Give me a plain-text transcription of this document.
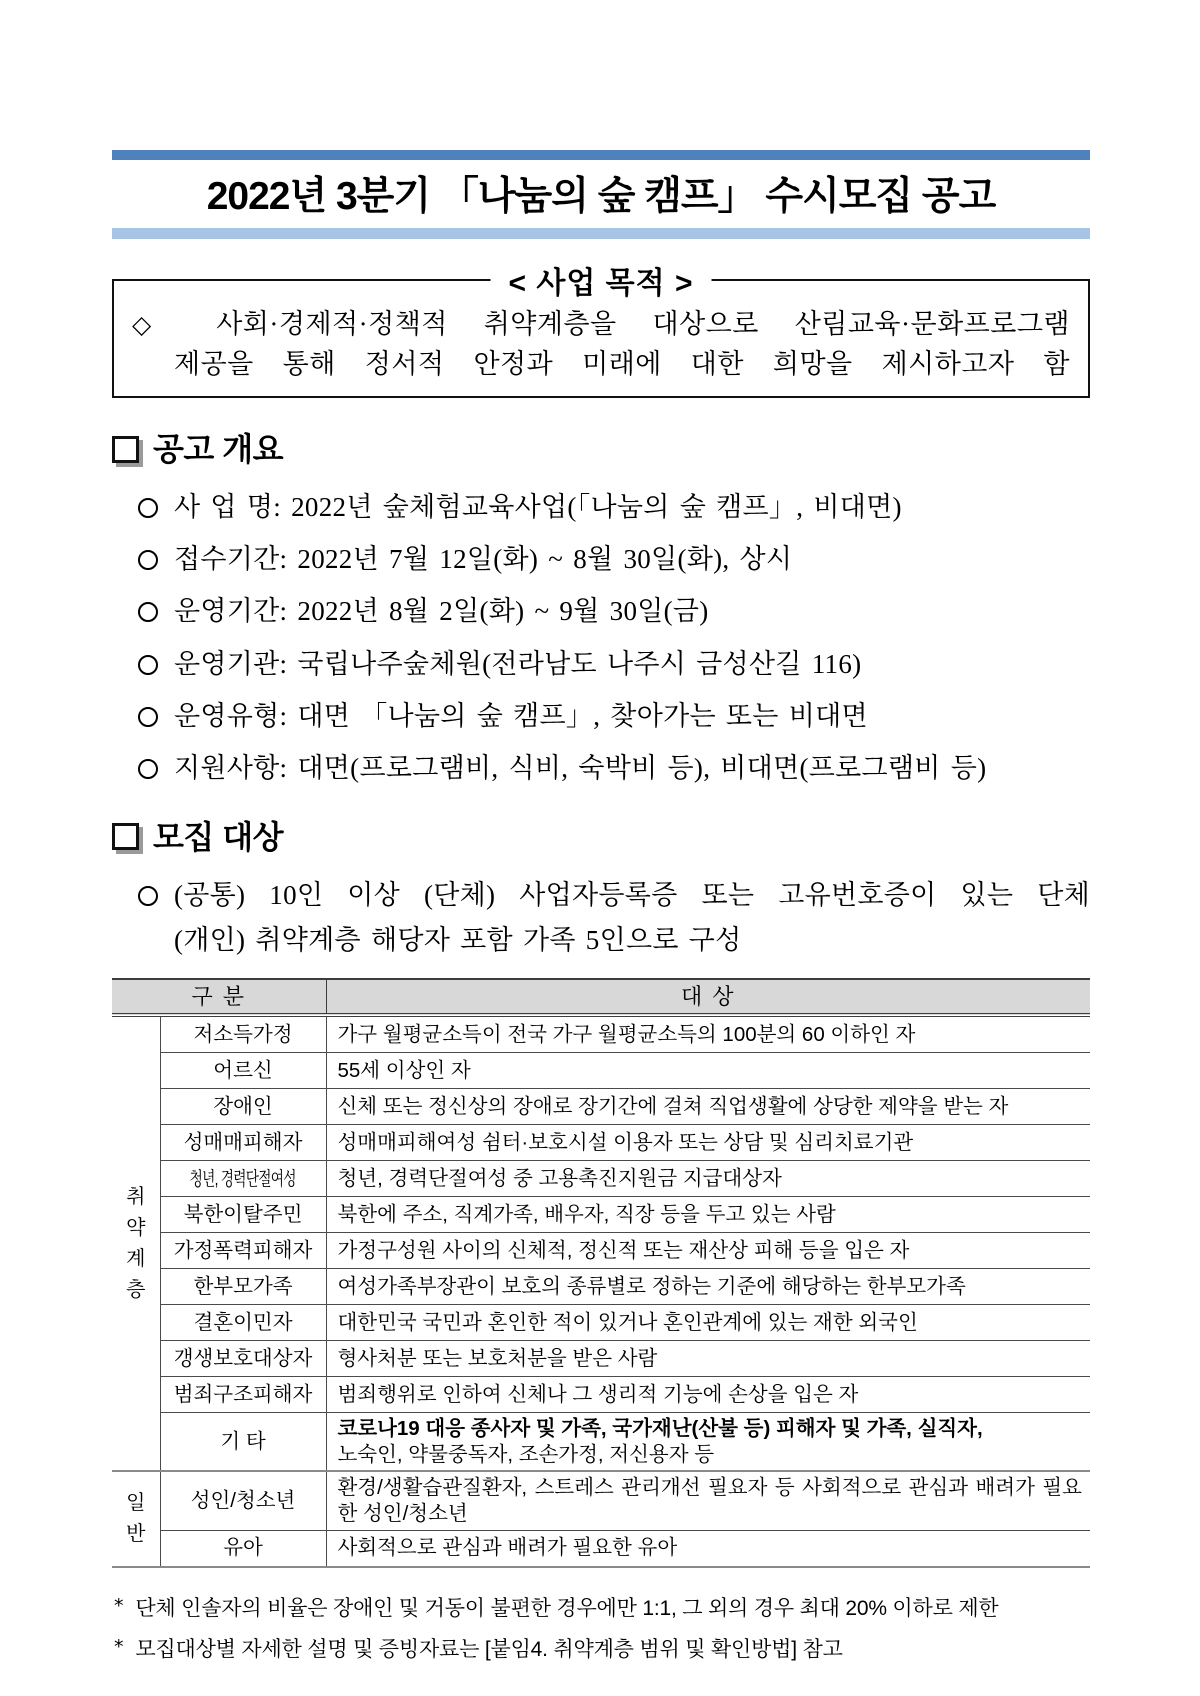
2022년 3분기 「나눔의 숲 캠프」 수시모집 공고
< 사업 목적 >
◇ 사회·경제적·정책적 취약계층을 대상으로 산림교육·문화프로그램
제공을 통해 정서적 안정과 미래에 대한 희망을 제시하고자 함
공고 개요
사 업 명: 2022년 숲체험교육사업(「나눔의 숲 캠프」, 비대면)
접수기간: 2022년 7월 12일(화) ~ 8월 30일(화), 상시
운영기간: 2022년 8월 2일(화) ~ 9월 30일(금)
운영기관: 국립나주숲체원(전라남도 나주시 금성산길 116)
운영유형: 대면 「나눔의 숲 캠프」, 찾아가는 또는 비대면
지원사항: 대면(프로그램비, 식비, 숙박비 등), 비대면(프로그램비 등)
모집 대상
(공통) 10인 이상 (단체) 사업자등록증 또는 고유번호증이 있는 단체
(개인) 취약계층 해당자 포함 가족 5인으로 구성
구 분		대 상

취약계층	저소득가정	가구 월평균소득이 전국 가구 월평균소득의 100분의 60 이하인 자
	어르신	55세 이상인 자
	장애인	신체 또는 정신상의 장애로 장기간에 걸쳐 직업생활에 상당한 제약을 받는 자
	성매매피해자	성매매피해여성 쉼터·보호시설 이용자 또는 상담 및 심리치료기관
	청년, 경력단절여성	청년, 경력단절여성 중 고용촉진지원금 지급대상자
	북한이탈주민	북한에 주소, 직계가족, 배우자, 직장 등을 두고 있는 사람
	가정폭력피해자	가정구성원 사이의 신체적, 정신적 또는 재산상 피해 등을 입은 자
	한부모가족	여성가족부장관이 보호의 종류별로 정하는 기준에 해당하는 한부모가족
	결혼이민자	대한민국 국민과 혼인한 적이 있거나 혼인관계에 있는 재한 외국인
	갱생보호대상자	형사처분 또는 보호처분을 받은 사람
	범죄구조피해자	범죄행위로 인하여 신체나 그 생리적 기능에 손상을 입은 자
	기 타	코로나19 대응 종사자 및 가족, 국가재난(산불 등) 피해자 및 가족, 실직자,
노숙인, 약물중독자, 조손가정, 저신용자 등

일반	성인/청소년	환경/생활습관질환자, 스트레스 관리개선 필요자 등 사회적으로 관심과 배려가 필요한 성인/청소년
	유아	사회적으로 관심과 배려가 필요한 유아
* 단체 인솔자의 비율은 장애인 및 거동이 불편한 경우에만 1:1, 그 외의 경우 최대 20% 이하로 제한
* 모집대상별 자세한 설명 및 증빙자료는 [붙임4. 취약계층 범위 및 확인방법] 참고
